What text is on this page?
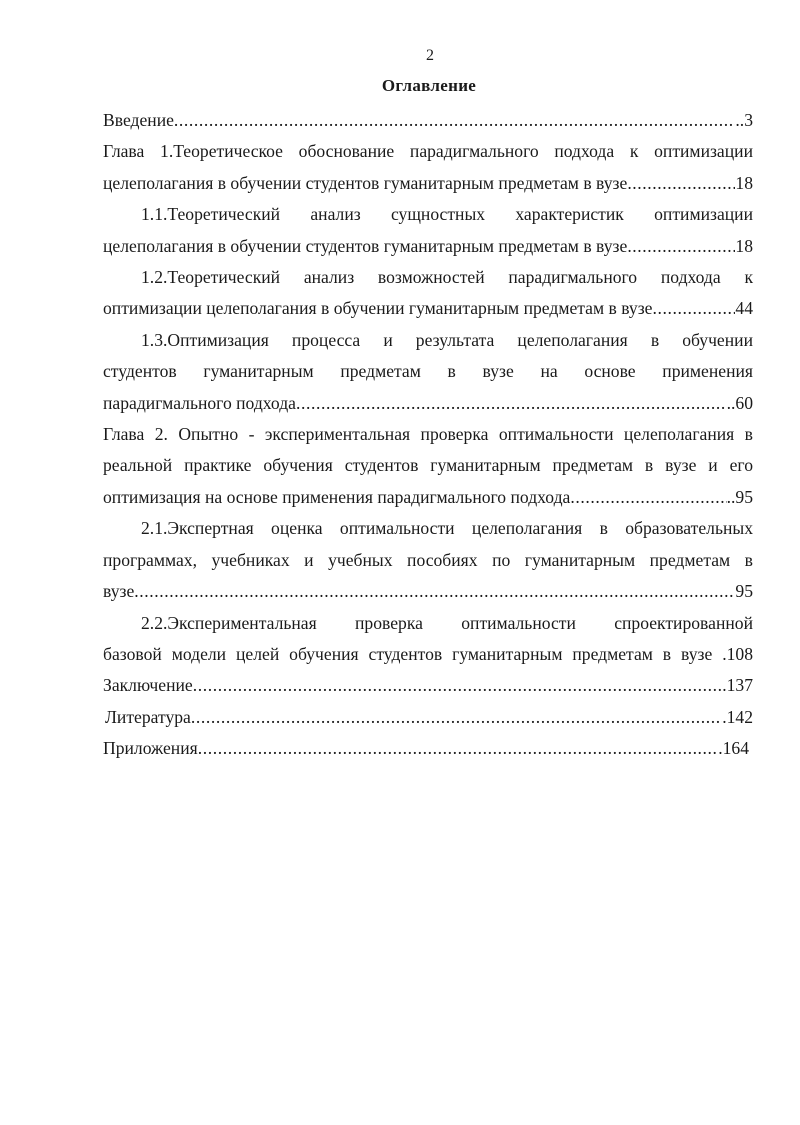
2
Оглавление
Введение .....	..3
Глава 1.Теоретическое обоснование парадигмального подхода к оптимизации
целеполагания в обучении студентов гуманитарным предметам в вузе .....	18
1.1.Теоретический анализ сущностных характеристик оптимизации
целеполагания в обучении студентов гуманитарным предметам в вузе .....	18
1.2.Теоретический анализ возможностей парадигмального подхода к
оптимизации целеполагания в обучении гуманитарным предметам в вузе .....	44
1.3.Оптимизация процесса и результата целеполагания в обучении
студентов гуманитарным предметам в вузе на основе применения
парадигмального подхода .....	..60
Глава 2. Опытно - экспериментальная проверка оптимальности целеполагания в
реальной практике обучения студентов гуманитарным предметам в вузе и его
оптимизация на основе применения парадигмального подхода .....	..95
2.1.Экспертная оценка оптимальности целеполагания в образовательных
программах, учебниках и учебных пособиях по гуманитарным предметам в
вузе .....	95
2.2.Экспериментальная проверка оптимальности спроектированной
базовой модели целей обучения студентов гуманитарным предметам в вузе .108
Заключение .....	.137
Литература .....	.142
Приложения .....	.164
